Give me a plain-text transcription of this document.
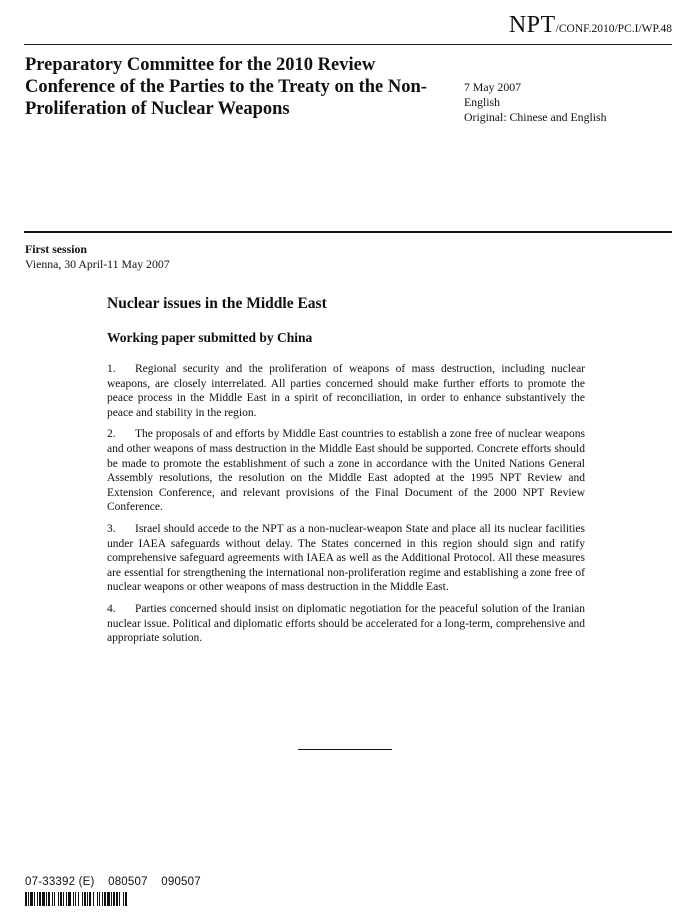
NPT/CONF.2010/PC.I/WP.48
Preparatory Committee for the 2010 Review Conference of the Parties to the Treaty on the Non-Proliferation of Nuclear Weapons
7 May 2007
English
Original: Chinese and English
First session
Vienna, 30 April-11 May 2007
Nuclear issues in the Middle East
Working paper submitted by China

1. Regional security and the proliferation of weapons of mass destruction, including nuclear weapons, are closely interrelated. All parties concerned should make further efforts to promote the peace process in the Middle East in a spirit of reconciliation, in order to enhance substantively the peace and stability in the region.

2. The proposals of and efforts by Middle East countries to establish a zone free of nuclear weapons and other weapons of mass destruction in the Middle East should be supported. Concrete efforts should be made to promote the establishment of such a zone in accordance with the United Nations General Assembly resolutions, the resolution on the Middle East adopted at the 1995 NPT Review and Extension Conference, and relevant provisions of the Final Document of the 2000 NPT Review Conference.

3. Israel should accede to the NPT as a non-nuclear-weapon State and place all its nuclear facilities under IAEA safeguards without delay. The States concerned in this region should sign and ratify comprehensive safeguard agreements with IAEA as well as the Additional Protocol. All these measures are essential for strengthening the international non-proliferation regime and establishing a zone free of nuclear weapons or other weapons of mass destruction in the Middle East.

4. Parties concerned should insist on diplomatic negotiation for the peaceful solution of the Iranian nuclear issue. Political and diplomatic efforts should be accelerated for a long-term, comprehensive and appropriate solution.

07-33392 (E)    080507    090507
